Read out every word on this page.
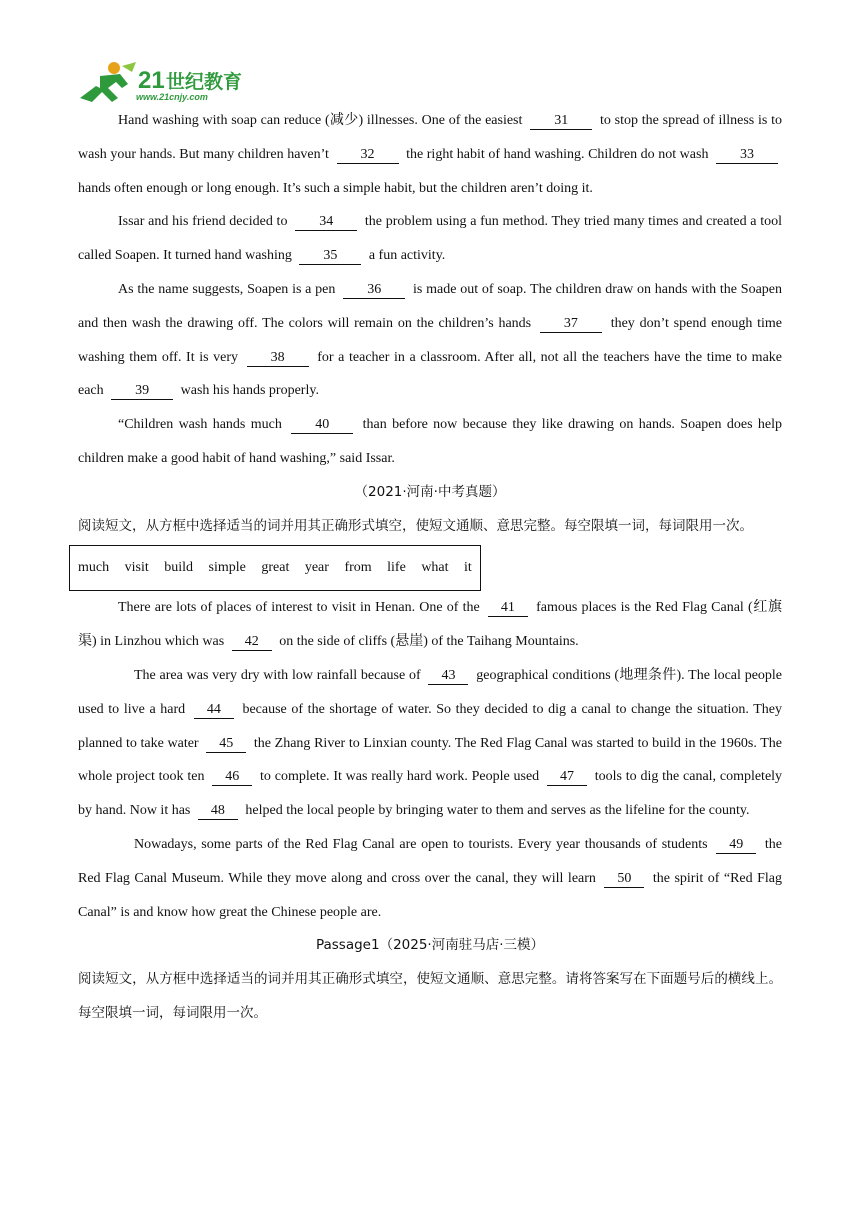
21 世纪教育
www.21cnjy.com

Hand washing with soap can reduce (减少) illnesses. One of the easiest 31 to stop the spread of illness is to wash your hands. But many children haven’t 32 the right habit of hand washing. Children do not wash 33 hands often enough or long enough. It’s such a simple habit, but the children aren’t doing it.

Issar and his friend decided to 34 the problem using a fun method. They tried many times and created a tool called Soapen. It turned hand washing 35 a fun activity.

As the name suggests, Soapen is a pen 36 is made out of soap. The children draw on hands with the Soapen and then wash the drawing off. The colors will remain on the children’s hands 37 they don’t spend enough time washing them off. It is very 38 for a teacher in a classroom. After all, not all the teachers have the time to make each 39 wash his hands properly.

“Children wash hands much 40 than before now because they like drawing on hands. Soapen does help children make a good habit of hand washing,” said Issar.

（2021·河南·中考真题）

阅读短文，从方框中选择适当的词并用其正确形式填空，使短文通顺、意思完整。每空限填一词，每词限用一次。

much visit build simple great year from life what it

There are lots of places of interest to visit in Henan. One of the 41 famous places is the Red Flag Canal (红旗渠) in Linzhou which was 42 on the side of cliffs (悬崖) of the Taihang Mountains.

The area was very dry with low rainfall because of 43 geographical conditions (地理条件). The local people used to live a hard 44 because of the shortage of water. So they decided to dig a canal to change the situation. They planned to take water 45 the Zhang River to Linxian county. The Red Flag Canal was started to build in the 1960s. The whole project took ten 46 to complete. It was really hard work. People used 47 tools to dig the canal, completely by hand. Now it has 48 helped the local people by bringing water to them and serves as the lifeline for the county.

Nowadays, some parts of the Red Flag Canal are open to tourists. Every year thousands of students 49 the Red Flag Canal Museum. While they move along and cross over the canal, they will learn 50 the spirit of “Red Flag Canal” is and know how great the Chinese people are.

Passage1（2025·河南驻马店·三模）

阅读短文，从方框中选择适当的词并用其正确形式填空，使短文通顺、意思完整。请将答案写在下面题号后的横线上。每空限填一词，每词限用一次。
